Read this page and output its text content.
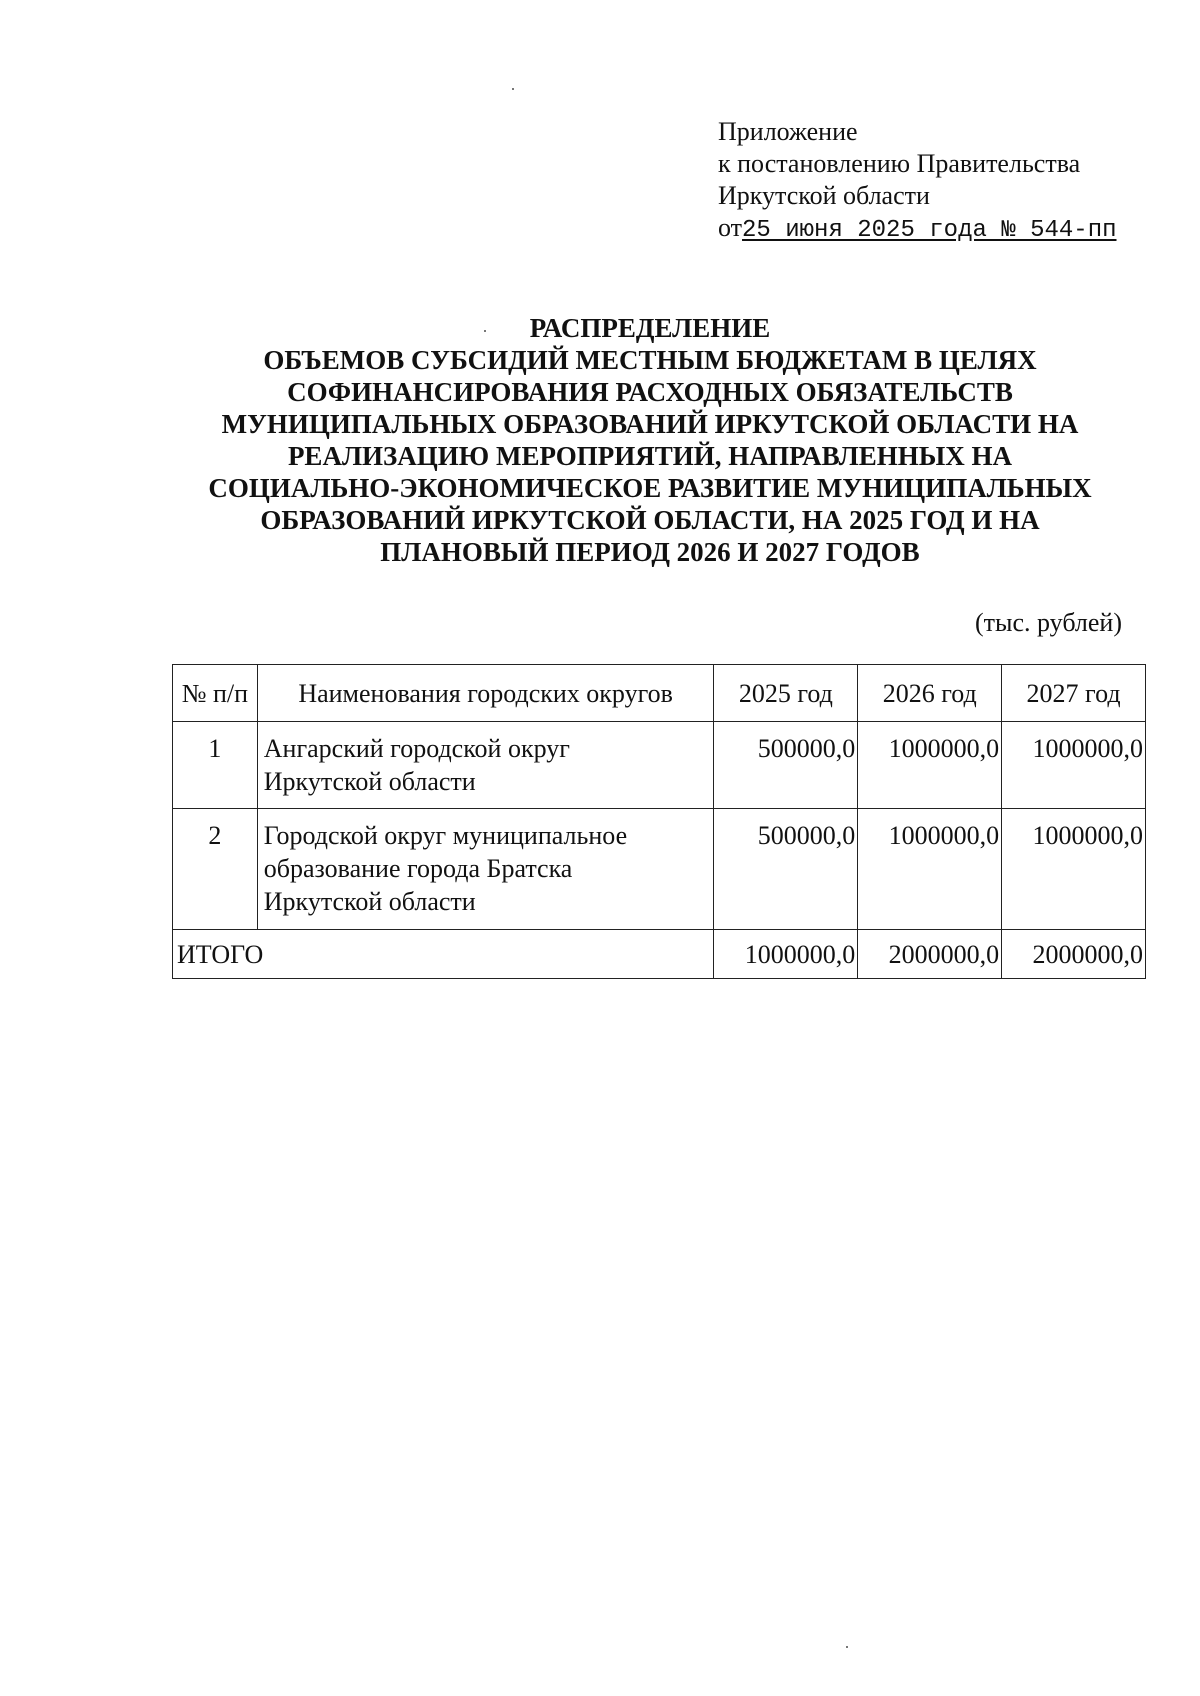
Приложение
к постановлению Правительства
Иркутской области
от25 июня 2025 года № 544-пп
РАСПРЕДЕЛЕНИЕ
ОБЪЕМОВ СУБСИДИЙ МЕСТНЫМ БЮДЖЕТАМ В ЦЕЛЯХ
СОФИНАНСИРОВАНИЯ РАСХОДНЫХ ОБЯЗАТЕЛЬСТВ
МУНИЦИПАЛЬНЫХ ОБРАЗОВАНИЙ ИРКУТСКОЙ ОБЛАСТИ НА
РЕАЛИЗАЦИЮ МЕРОПРИЯТИЙ, НАПРАВЛЕННЫХ НА
СОЦИАЛЬНО-ЭКОНОМИЧЕСКОЕ РАЗВИТИЕ МУНИЦИПАЛЬНЫХ
ОБРАЗОВАНИЙ ИРКУТСКОЙ ОБЛАСТИ, НА 2025 ГОД И НА
ПЛАНОВЫЙ ПЕРИОД 2026 И 2027 ГОДОВ
(тыс. рублей)
№ п/п	Наименования городских округов	2025 год	2026 год	2027 год
1	Ангарский городской округ
Иркутской области	500000,0	1000000,0	1000000,0
2	Городской округ муниципальное
образование города Братска
Иркутской области	500000,0	1000000,0	1000000,0
ИТОГО		1000000,0	2000000,0	2000000,0
